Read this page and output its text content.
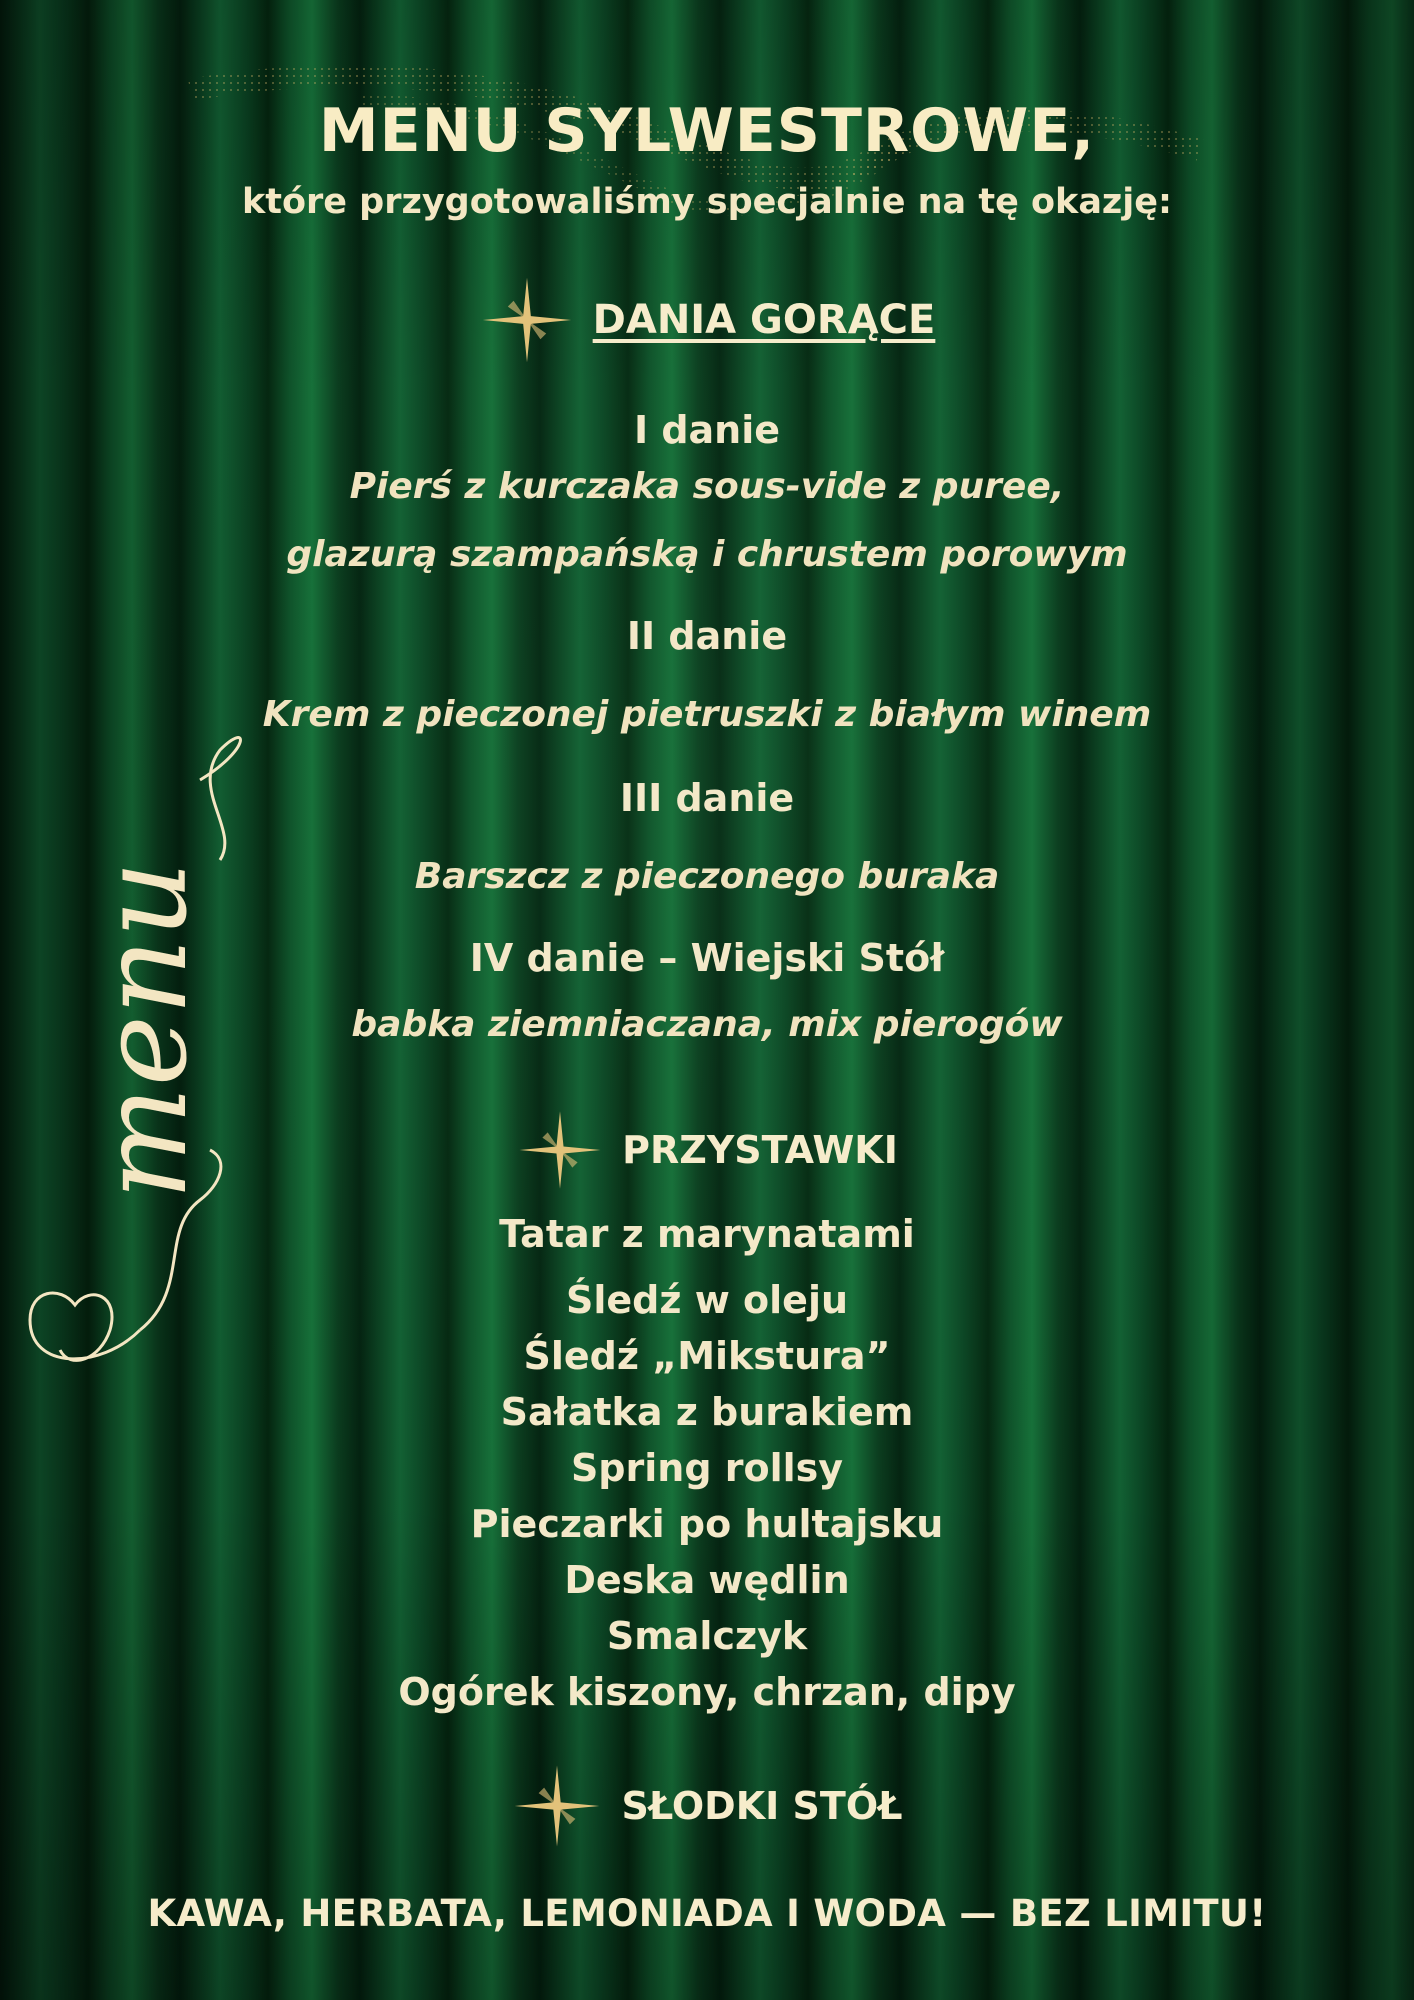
MENU SYLWESTROWE,
które przygotowaliśmy specjalnie na tę okazję:
DANIA GORĄCE
I danie
Pierś z kurczaka sous-vide z puree,
glazurą szampańską i chrustem porowym
II danie
Krem z pieczonej pietruszki z białym winem
III danie
Barszcz z pieczonego buraka
IV danie – Wiejski Stół
babka ziemniaczana, mix pierogów
PRZYSTAWKI
Tatar z marynatami
Śledź w oleju
Śledź „Mikstura”
Sałatka z burakiem
Spring rollsy
Pieczarki po hultajsku
Deska wędlin
Smalczyk
Ogórek kiszony, chrzan, dipy
SŁODKI STÓŁ
KAWA, HERBATA, LEMONIADA I WODA — BEZ LIMITU!
menu
